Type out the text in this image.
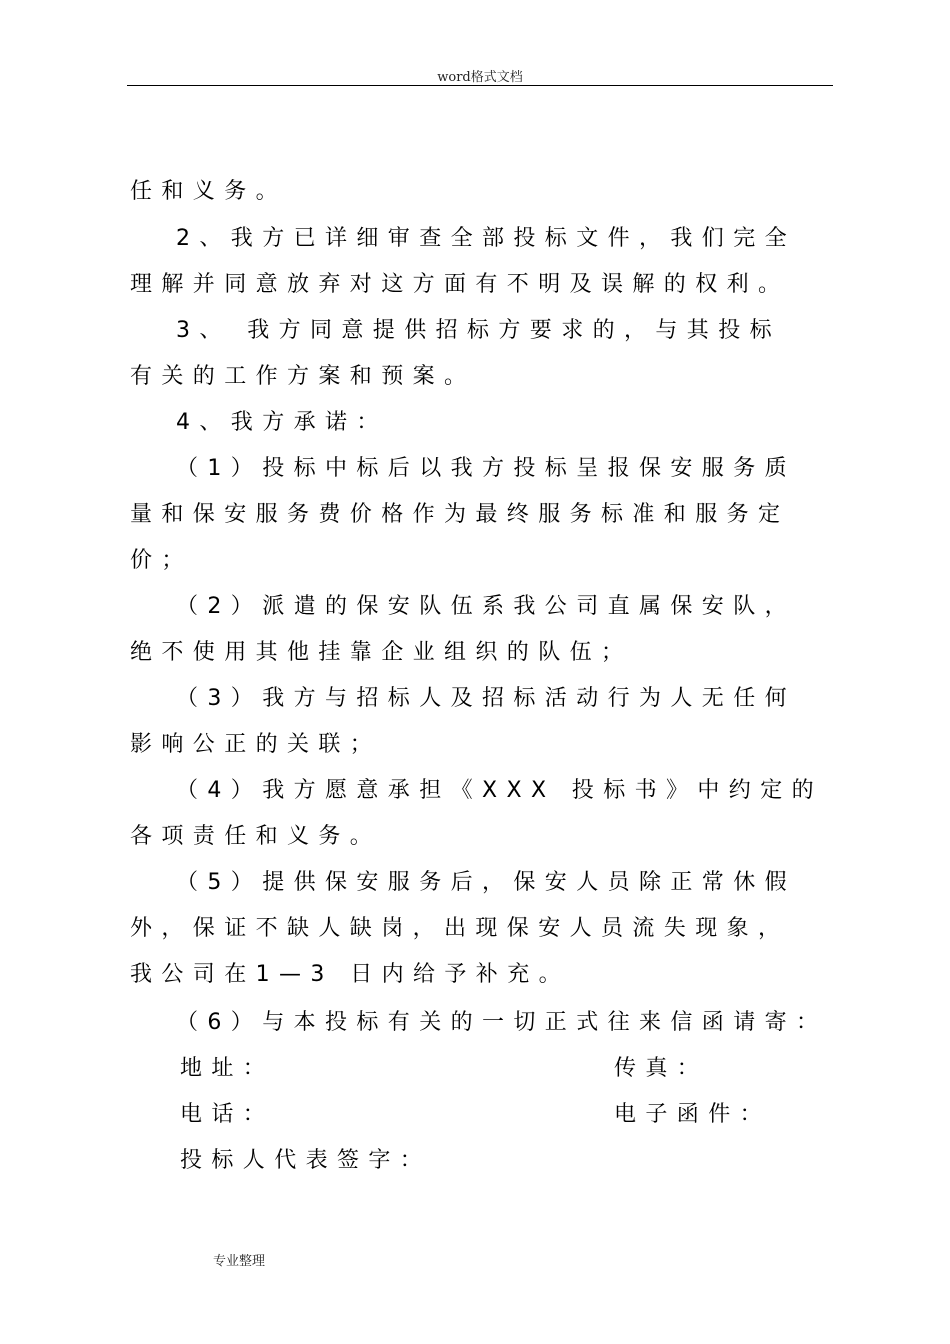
word格式文档
任和义务。
2、我方已详细审查全部投标文件，我们完全
理解并同意放弃对这方面有不明及误解的权利。
3、 我方同意提供招标方要求的，与其投标
有关的工作方案和预案。
4、我方承诺：
（1）投标中标后以我方投标呈报保安服务质
量和保安服务费价格作为最终服务标准和服务定
价；
（2）派遣的保安队伍系我公司直属保安队，
绝不使用其他挂靠企业组织的队伍；
（3）我方与招标人及招标活动行为人无任何
影响公正的关联；
（4）我方愿意承担《XXX 投标书》中约定的
各项责任和义务。
（5）提供保安服务后，保安人员除正常休假
外，保证不缺人缺岗，出现保安人员流失现象，
我公司在1—3 日内给予补充。
（6）与本投标有关的一切正式往来信函请寄：
地址：	传真：
电话：	电子函件：
投标人代表签字：
专业整理
